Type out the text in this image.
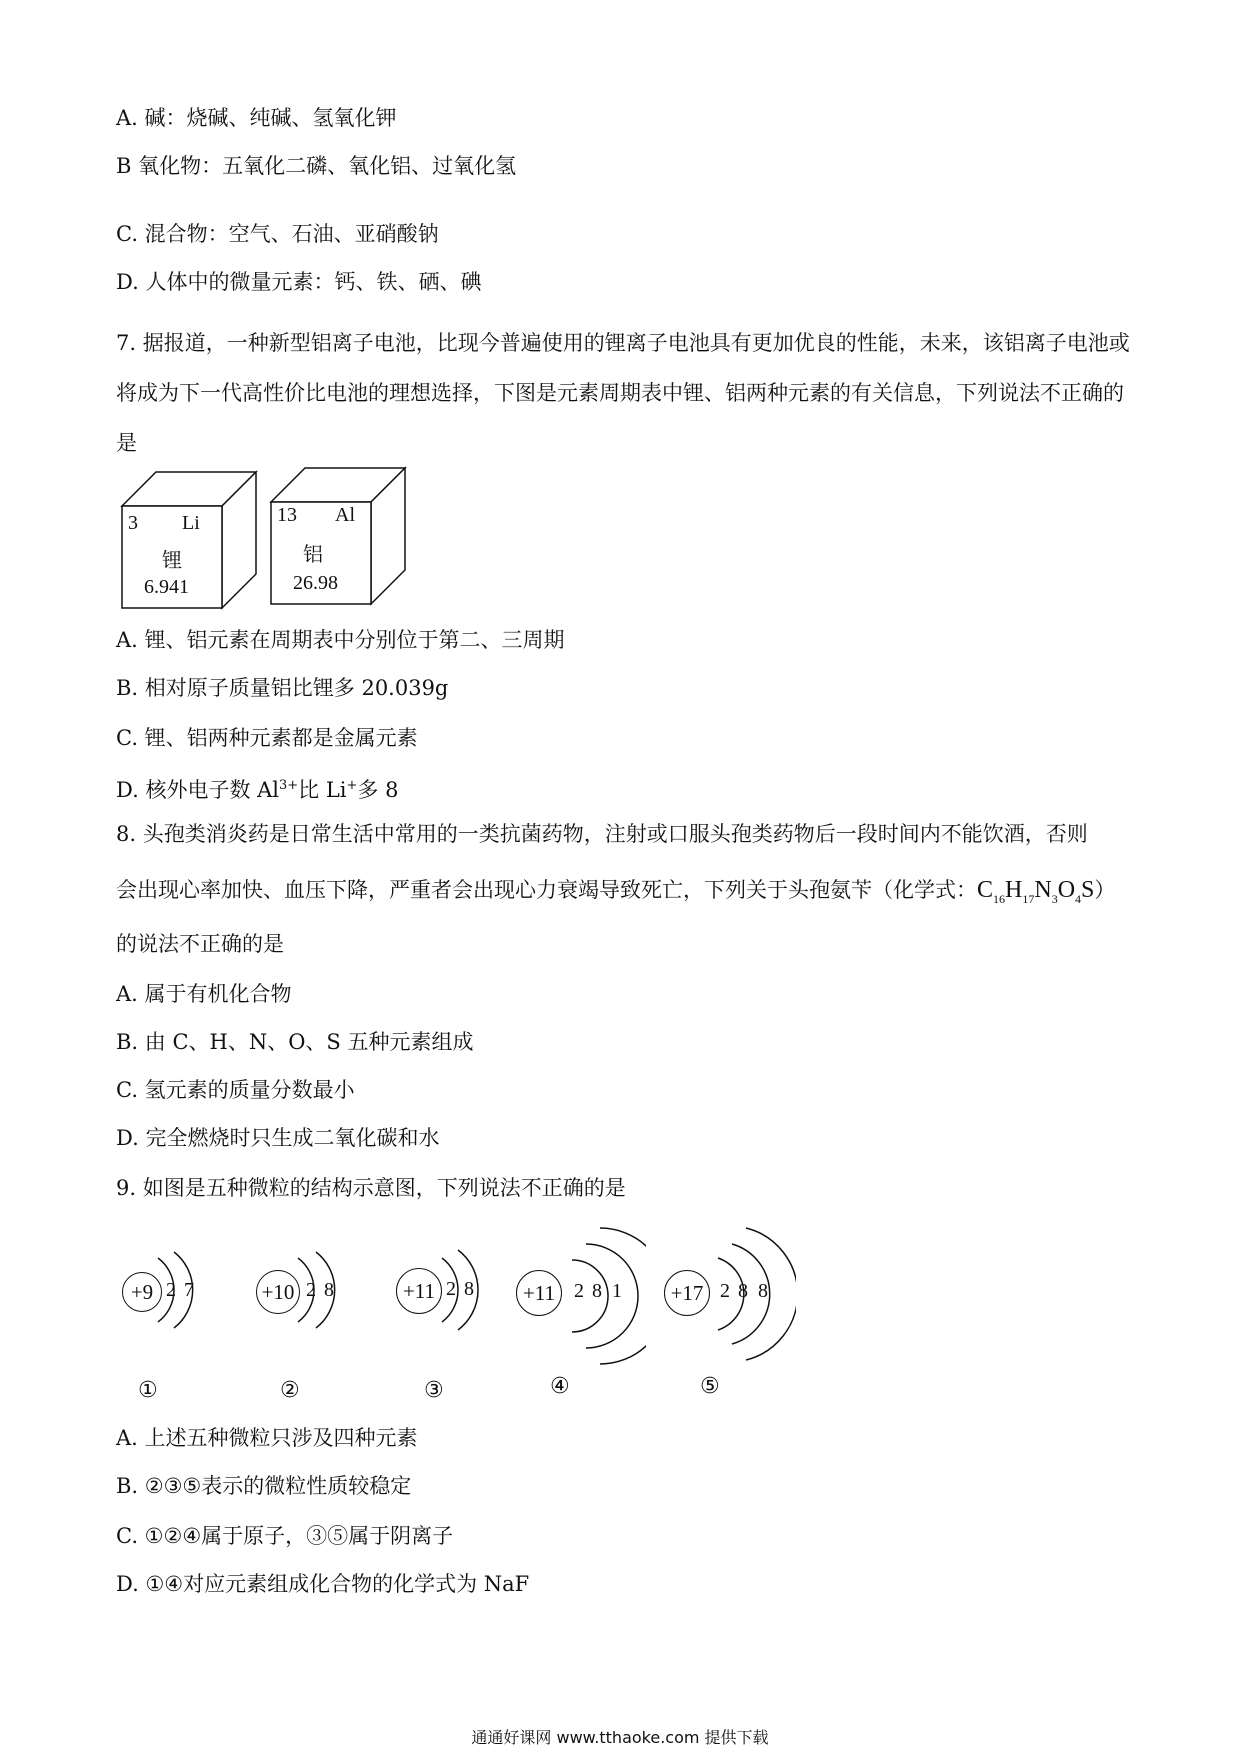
A. 碱：烧碱、纯碱、氢氧化钾
B 氧化物：五氧化二磷、氧化铝、过氧化氢
C. 混合物：空气、石油、亚硝酸钠
D. 人体中的微量元素：钙、铁、硒、碘
7. 据报道，一种新型铝离子电池，比现今普遍使用的锂离子电池具有更加优良的性能，未来，该铝离子电池或将成为下一代高性价比电池的理想选择，下图是元素周期表中锂、铝两种元素的有关信息，下列说法不正确的是
3 Li
锂
6.941
13 Al
铝
26.98
A. 锂、铝元素在周期表中分别位于第二、三周期
B. 相对原子质量铝比锂多 20.039g
C. 锂、铝两种元素都是金属元素
D. 核外电子数 $Al^{3+}$比 Li+多 8
8. 头孢类消炎药是日常生活中常用的一类抗菌药物，注射或口服头孢类药物后一段时间内不能饮酒，否则
会出现心率加快、血压下降，严重者会出现心力衰竭导致死亡，下列关于头孢氨苄（化学式：$C_{16}H_{17}N_3O_4S$）
的说法不正确的是
A. 属于有机化合物
B. 由 C、H、N、O、S 五种元素组成
C. 氢元素的质量分数最小
D. 完全燃烧时只生成二氧化碳和水
9. 如图是五种微粒的结构示意图，下列说法不正确的是
+9 2 7
①
+10 2 8
②
+11 2 8
③
+11 2 8 1
④
+17 2 8 8
⑤
A. 上述五种微粒只涉及四种元素
B. ②③⑤表示的微粒性质较稳定
C. ①②④属于原子，③⑤属于阴离子
D. ①④对应元素组成化合物的化学式为 NaF
通通好课网 www.tthaoke.com 提供下载
